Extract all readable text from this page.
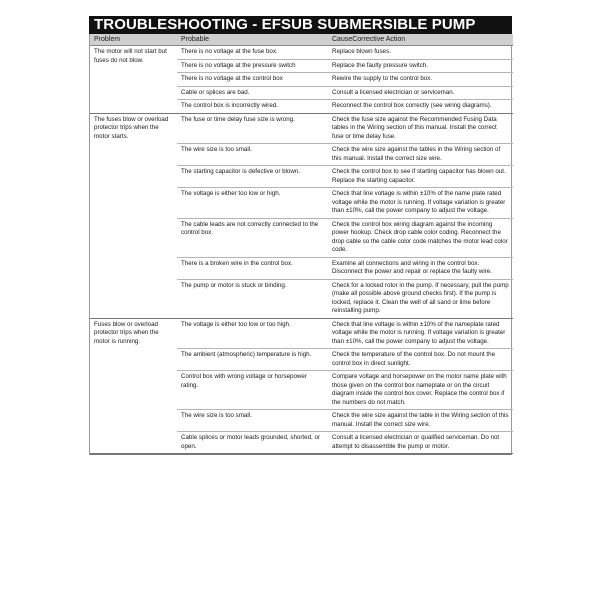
TROUBLESHOOTING - EFSUB SUBMERSIBLE PUMP
Problem	Probable	CauseCorrective Action
The motor will not start but fuses do not blow.	There is no voltage at the fuse box.	Replace blown fuses.
	There is no voltage at the pressure switch	Replace the faulty pressure switch.
	There is no voltage at the control box	Rewire the supply to the control box.
	Cable or splices are bad.	Consult a licensed electrician or serviceman.
	The control box is incorrectly wired.	Reconnect the control box correctly (see wiring diagrams).
The fuses blow or overload protector trips when the motor starts.	The fuse or time delay fuse size is wrong.	Check the fuse size against the Recommended Fusing Data tables in the Wiring section of this manual. Install the correct fuse or time delay fuse.
	The wire size is too small.	Check the wire size against the tables in the Wiring section of this manual. Install the correct size wire.
	The starting capacitor is defective or blown.	Check the control box to see if starting capacitor has blown out. Replace the starting capacitor.
	The voltage is either too low or high.	Check that line voltage is within ±10% of the name plate rated voltage while the motor is running. If voltage variation is greater than ±10%, call the power company to adjust the voltage.
	The cable leads are not correctly connected to the control box.	Check the control box wiring diagram against the incoming power hookup. Check drop cable color coding. Reconnect the drop cable so the cable color code matches the motor lead color code.
	There is a broken wire in the control box.	Examine all connections and wiring in the control box. Disconnect the power and repair or replace the faulty wire.
	The pump or motor is stuck or binding.	Check for a locked rotor in the pump. If necessary, pull the pump (make all possible above ground checks first). If the pump is locked, replace it. Clean the well of all sand or lime before reinstalling pump.
Fuses blow or overload protector trips when the motor is running.	The voltage is either too low or too high.	Check that line voltage is within ±10% of the nameplate rated voltage while the motor is running. If voltage variation is greater than ±10%, call the power company to adjust the voltage.
	The ambient (atmospheric) temperature is high.	Check the temperature of the control box. Do not mount the control box in direct sunlight.
	Control box with wrong voltage or horsepower rating.	Compare voltage and horsepower on the motor name plate with those given on the control box nameplate or on the circuit diagram inside the control box cover. Replace the control box if the numbers do not match.
	The wire size is too small.	Check the wire size against the table in the Wiring section of this manual. Install the correct size wire.
	Cable splices or motor leads grounded, shorted, or open.	Consult a licensed electrician or qualified serviceman. Do not attempt to disassemble the pump or motor.
